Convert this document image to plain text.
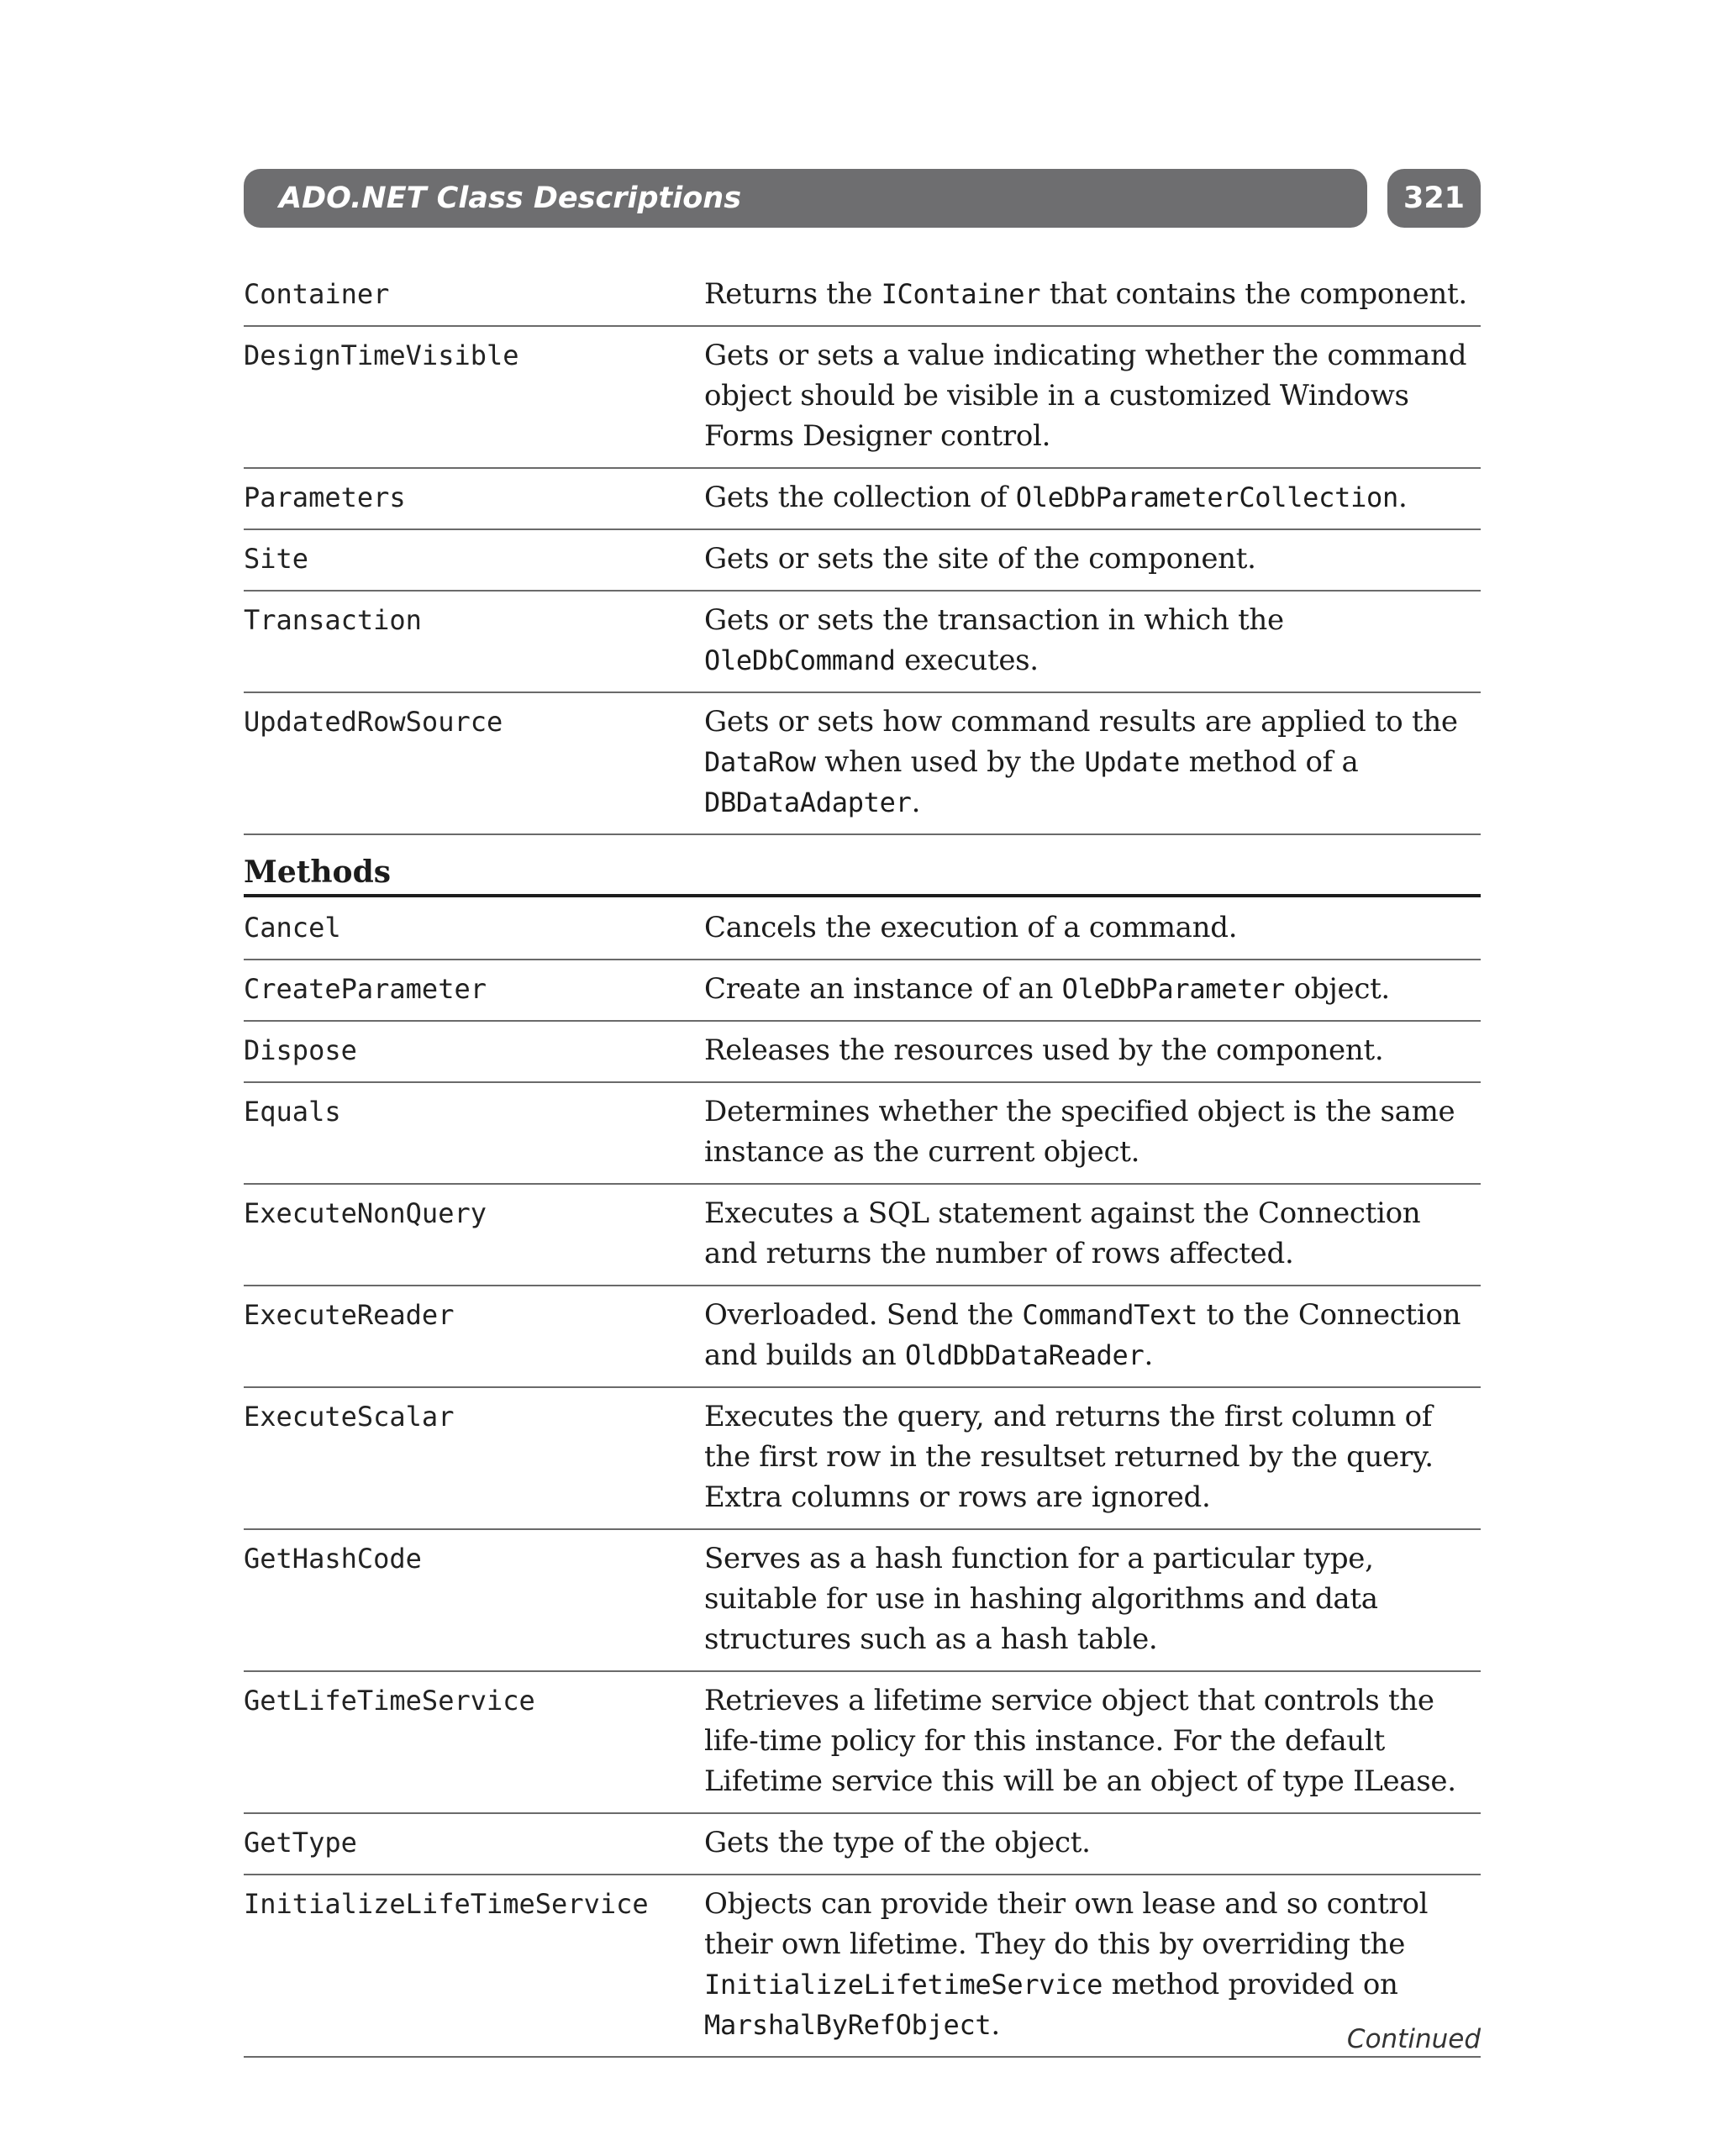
ADO.NET Class Descriptions	321
Container	Returns the IContainer that contains the component.
DesignTimeVisible	Gets or sets a value indicating whether the command object should be visible in a customized Windows Forms Designer control.
Parameters	Gets the collection of OleDbParameterCollection.
Site	Gets or sets the site of the component.
Transaction	Gets or sets the transaction in which the OleDbCommand executes.
UpdatedRowSource	Gets or sets how command results are applied to the DataRow when used by the Update method of a DBDataAdapter.
Methods
Cancel	Cancels the execution of a command.
CreateParameter	Create an instance of an OleDbParameter object.
Dispose	Releases the resources used by the component.
Equals	Determines whether the specified object is the same instance as the current object.
ExecuteNonQuery	Executes a SQL statement against the Connection and returns the number of rows affected.
ExecuteReader	Overloaded. Send the CommandText to the Connection and builds an OldDbDataReader.
ExecuteScalar	Executes the query, and returns the first column of the first row in the resultset returned by the query. Extra columns or rows are ignored.
GetHashCode	Serves as a hash function for a particular type, suitable for use in hashing algorithms and data structures such as a hash table.
GetLifeTimeService	Retrieves a lifetime service object that controls the life-time policy for this instance. For the default Lifetime service this will be an object of type ILease.
GetType	Gets the type of the object.
InitializeLifeTimeService	Objects can provide their own lease and so control their own lifetime. They do this by overriding the InitializeLifetimeService method provided on MarshalByRefObject.	Continued
